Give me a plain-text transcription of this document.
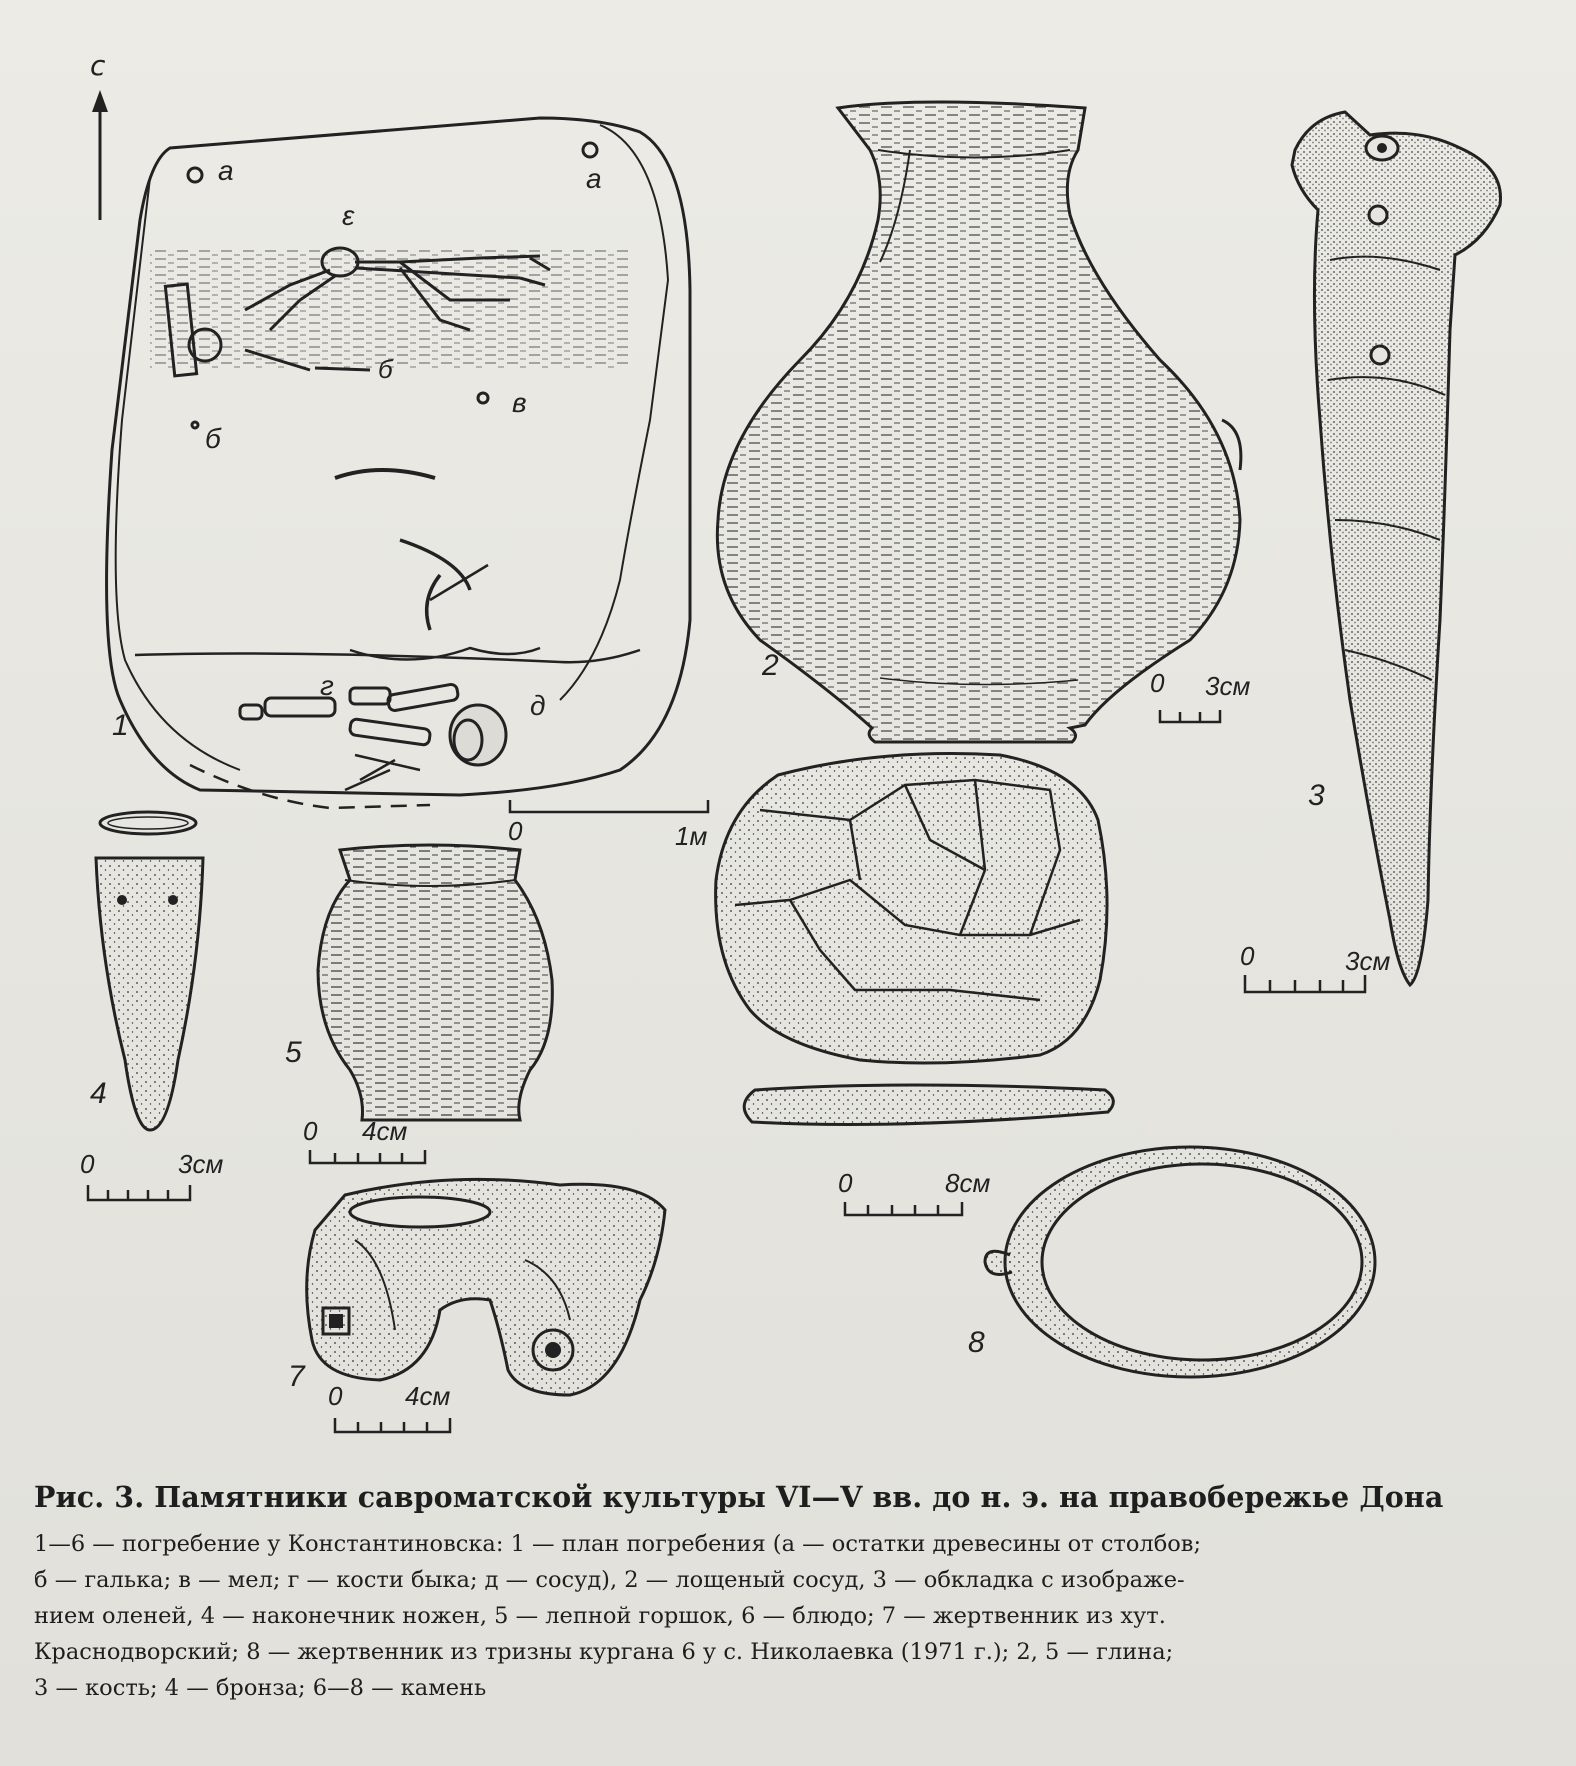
с
а	а
ε
б
б
в
г
д
1
0	1м
2
0 3см
3
0	3см
4
0	3см
5
0 4см
0	8см
7
0 4см
8
Рис. 3. Памятники савроматской культуры VI—V вв. до н. э. на правобережье Дона
1—6 — погребение у Константиновска: 1 — план погребения (а — остатки древесины от столбов;
б — галька; в — мел; г — кости быка; д — сосуд), 2 — лощеный сосуд, 3 — обкладка с изображе-
нием оленей, 4 — наконечник ножен, 5 — лепной горшок, 6 — блюдо; 7 — жертвенник из хут.
Краснодворский; 8 — жертвенник из тризны кургана 6 у с. Николаевка (1971 г.); 2, 5 — глина;
3 — кость; 4 — бронза; 6—8 — камень
